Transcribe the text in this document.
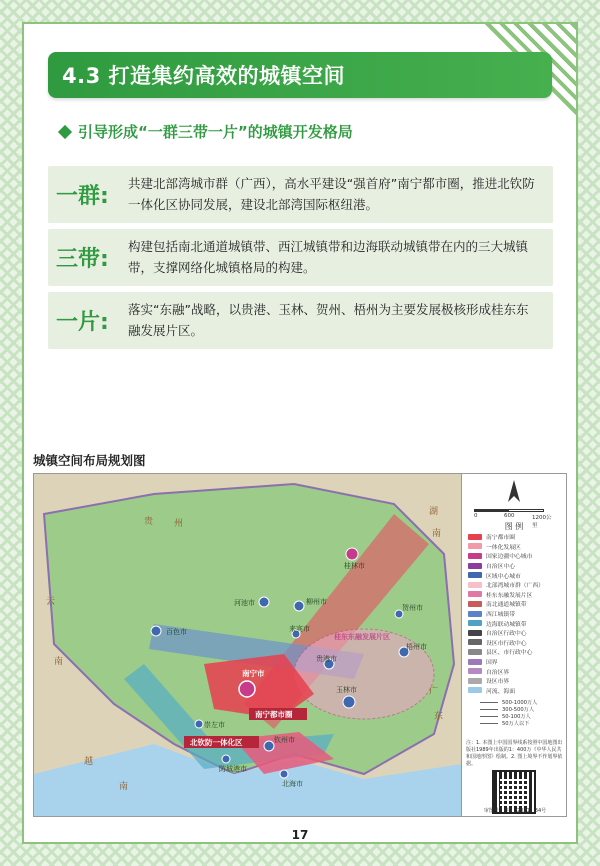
4.3 打造集约高效的城镇空间
引导形成“一群三带一片”的城镇开发格局
一群:
共建北部湾城市群（广西），高水平建设“强首府”南宁都市圈，推进北钦防一体化区协同发展，建设北部湾国际枢纽港。
三带:
构建包括南北通道城镇带、西江城镇带和边海联动城镇带在内的三大城镇带，支撑网络化城镇格局的构建。
一片:
落实“东融”战略，以贵港、玉林、贺州、梧州为主要发展极核形成桂东东融发展片区。
城镇空间布局规划图
贵 州
湖
南
广
东
越
南
云
南
河池市
桂林市
柳州市
来宾市
贺州市
百色市
南宁市
贵港市
梧州市
玉林市
崇左市
钦州市
防城港市
北海市
南宁都市圈
北钦防一体化区
桂东东融发展片区
0	600	1200公里
图 例
南宁都市圈
一体化发展区
国家边疆中心城市
自治区中心
区域中心城市
北部湾城市群（广西）
桂东东融发展片区
南北通道城镇带
西江城镇带
边海联动城镇带
自治区行政中心
设区市行政中心
县区、市行政中心
国界
自治区界
设区市界
河流、海面
500-1000万人
300-500万人
50-100万人
50万人以下
注：1. 本图上中国国界线系按照中国地图出版社1989年出版的1：400万《中华人民共和国地形图》绘制。2. 图上境界不作划界依据。
审图号：桂S（2021）34号
17
